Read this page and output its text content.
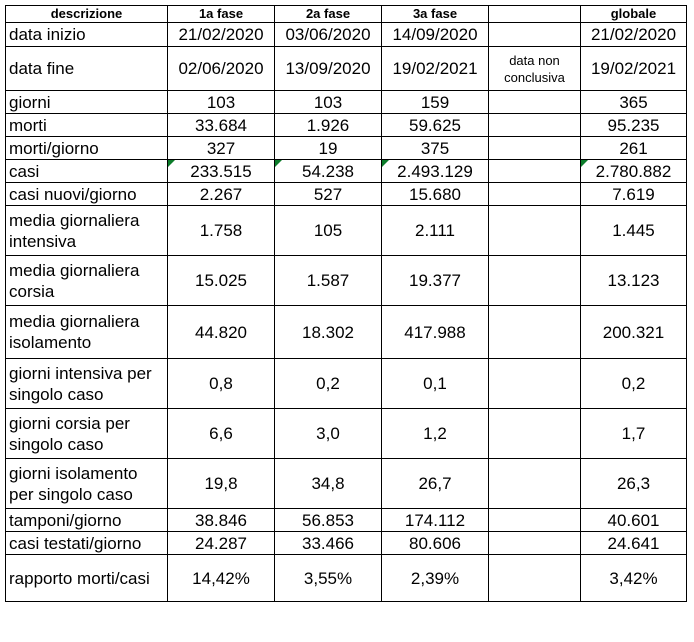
descrizione	1a fase	2a fase	3a fase		globale
data inizio	21/02/2020	03/06/2020	14/09/2020		21/02/2020
data fine	02/06/2020	13/09/2020	19/02/2021	data non conclusiva	19/02/2021
giorni	103	103	159		365
morti	33.684	1.926	59.625		95.235
morti/giorno	327	19	375		261
casi	233.515	54.238	2.493.129		2.780.882
casi nuovi/giorno	2.267	527	15.680		7.619
media giornaliera intensiva	1.758	105	2.111		1.445
media giornaliera corsia	15.025	1.587	19.377		13.123
media giornaliera isolamento	44.820	18.302	417.988		200.321
giorni intensiva per singolo caso	0,8	0,2	0,1		0,2
giorni corsia per singolo caso	6,6	3,0	1,2		1,7
giorni isolamento per singolo caso	19,8	34,8	26,7		26,3
tamponi/giorno	38.846	56.853	174.112		40.601
casi testati/giorno	24.287	33.466	80.606		24.641
rapporto morti/casi	14,42%	3,55%	2,39%		3,42%
